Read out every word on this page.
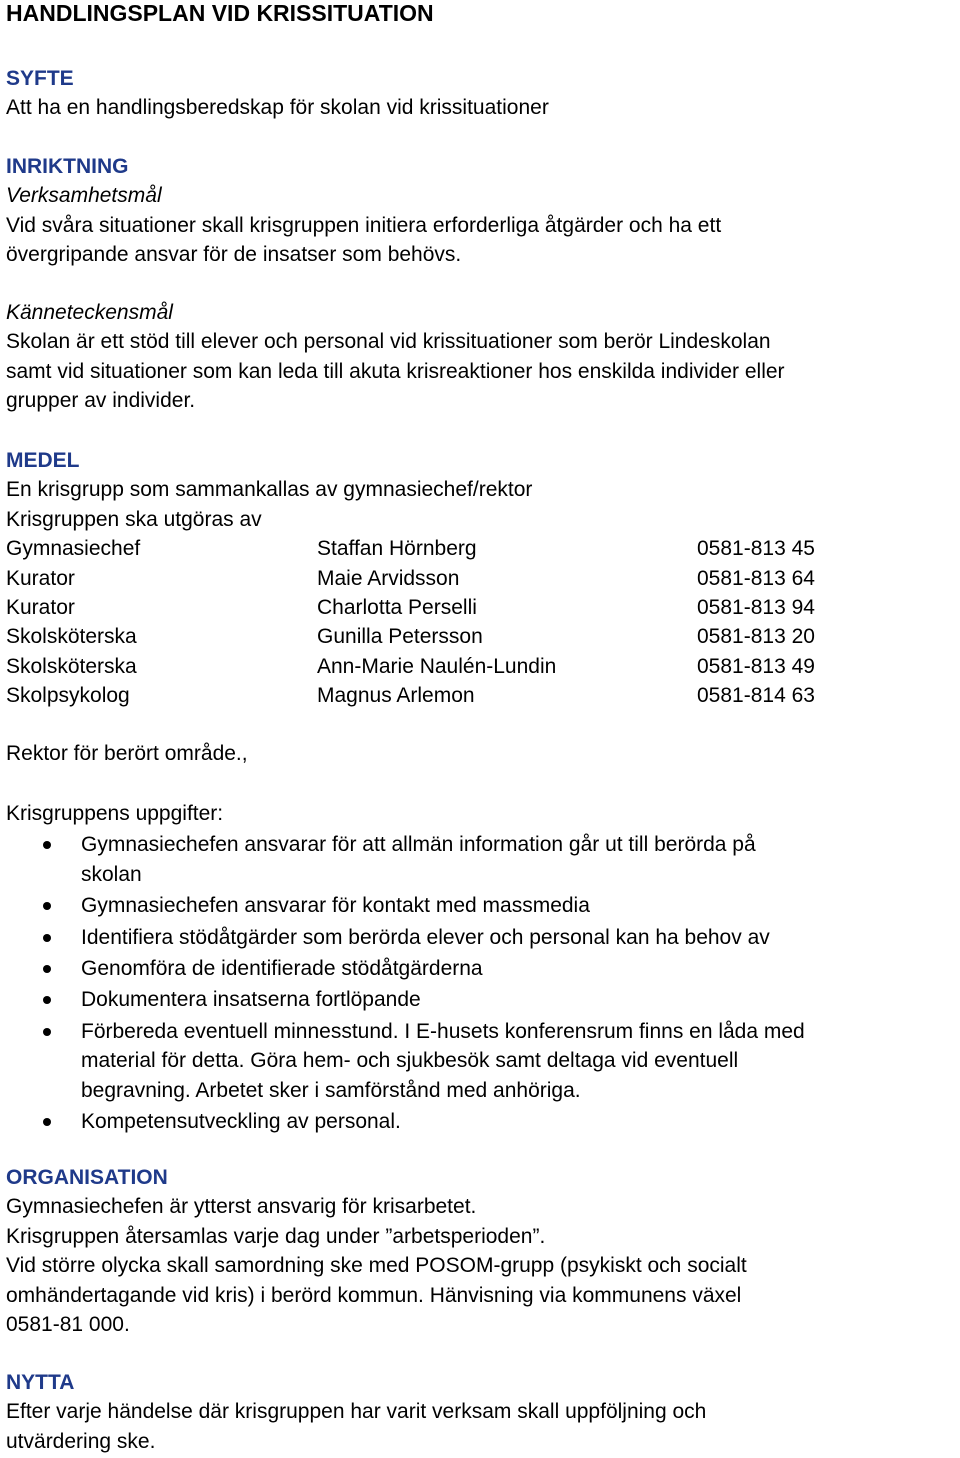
HANDLINGSPLAN VID KRISSITUATION
SYFTE
Att ha en handlingsberedskap för skolan vid krissituationer
INRIKTNING
Verksamhetsmål
Vid svåra situationer skall krisgruppen initiera erforderliga åtgärder och ha ett
övergripande ansvar för de insatser som behövs.
Känneteckensmål
Skolan är ett stöd till elever och personal vid krissituationer som berör Lindeskolan
samt vid situationer som kan leda till akuta krisreaktioner hos enskilda individer eller
grupper av individer.
MEDEL
En krisgrupp som sammankallas av gymnasiechef/rektor
Krisgruppen ska utgöras av
Gymnasiechef	Staffan Hörnberg	0581-813 45
Kurator	Maie Arvidsson	0581-813 64
Kurator	Charlotta Perselli	0581-813 94
Skolsköterska	Gunilla Petersson	0581-813 20
Skolsköterska	Ann-Marie Naulén-Lundin	0581-813 49
Skolpsykolog	Magnus Arlemon	0581-814 63
Rektor för berört område.,
Krisgruppens uppgifter:
Gymnasiechefen ansvarar för att allmän information går ut till berörda på
skolan
Gymnasiechefen ansvarar för kontakt med massmedia
Identifiera stödåtgärder som berörda elever och personal kan ha behov av
Genomföra de identifierade stödåtgärderna
Dokumentera insatserna fortlöpande
Förbereda eventuell minnesstund. I E-husets konferensrum finns en låda med
material för detta. Göra hem- och sjukbesök samt deltaga vid eventuell
begravning. Arbetet sker i samförstånd med anhöriga.
Kompetensutveckling av personal.
ORGANISATION
Gymnasiechefen är ytterst ansvarig för krisarbetet.
Krisgruppen återsamlas varje dag under ”arbetsperioden”.
Vid större olycka skall samordning ske med POSOM-grupp (psykiskt och socialt
omhändertagande vid kris) i berörd kommun. Hänvisning via kommunens växel
0581-81 000.
NYTTA
Efter varje händelse där krisgruppen har varit verksam skall uppföljning och
utvärdering ske.
